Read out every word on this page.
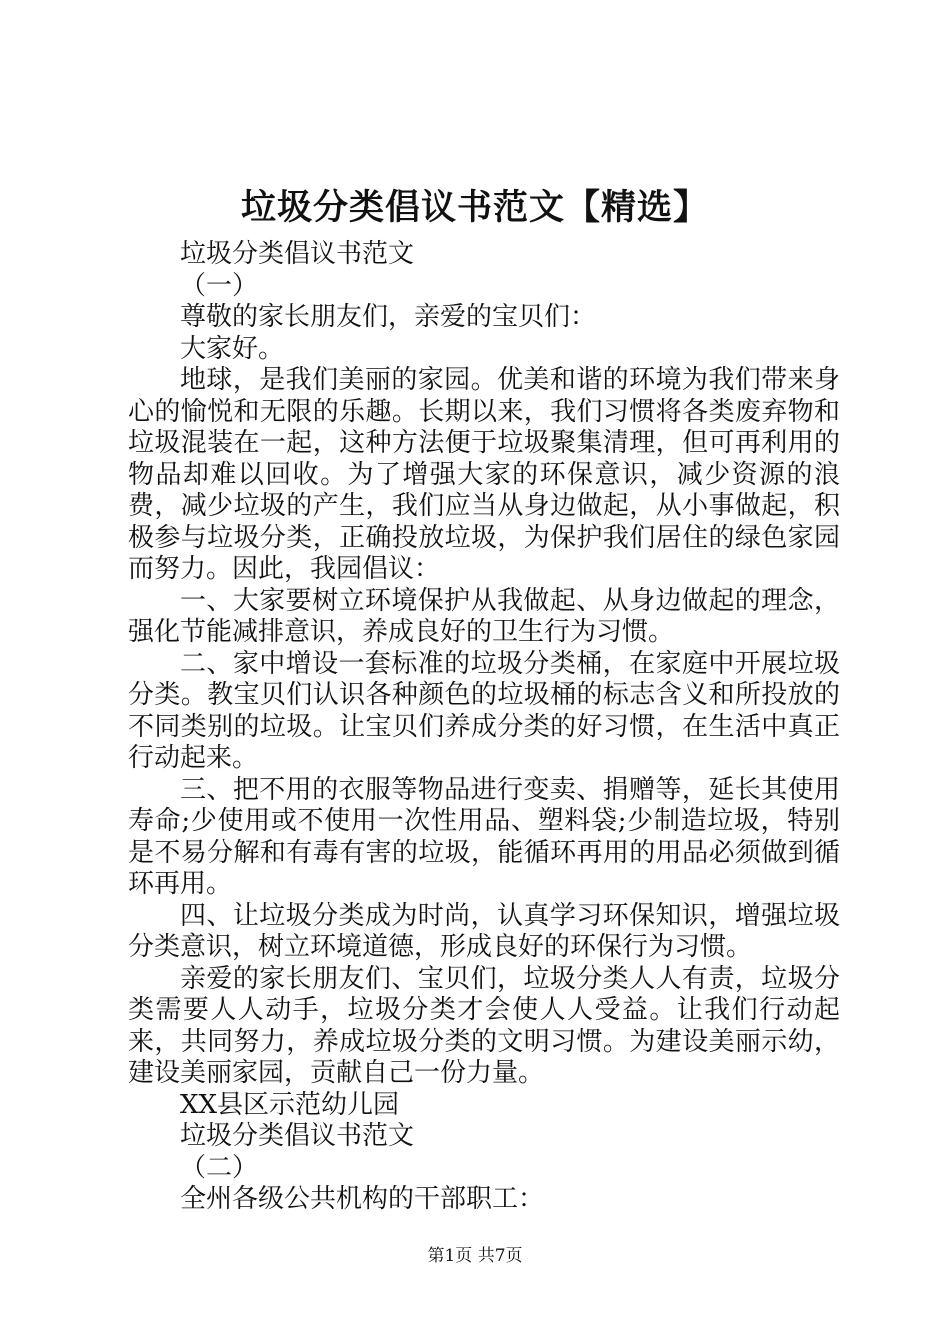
垃圾分类倡议书范文【精选】
垃圾分类倡议书范文
（一）
尊敬的家长朋友们，亲爱的宝贝们：
大家好。

地球，是我们美丽的家园。优美和谐的环境为我们带来身心的愉悦和无限的乐趣。长期以来，我们习惯将各类废弃物和垃圾混装在一起，这种方法便于垃圾聚集清理，但可再利用的物品却难以回收。为了增强大家的环保意识，减少资源的浪费，减少垃圾的产生，我们应当从身边做起，从小事做起，积极参与垃圾分类，正确投放垃圾，为保护我们居住的绿色家园而努力。因此，我园倡议：

一、大家要树立环境保护从我做起、从身边做起的理念，强化节能减排意识，养成良好的卫生行为习惯。

二、家中增设一套标准的垃圾分类桶，在家庭中开展垃圾分类。教宝贝们认识各种颜色的垃圾桶的标志含义和所投放的不同类别的垃圾。让宝贝们养成分类的好习惯，在生活中真正行动起来。

三、把不用的衣服等物品进行变卖、捐赠等，延长其使用寿命;少使用或不使用一次性用品、塑料袋;少制造垃圾，特别是不易分解和有毒有害的垃圾，能循环再用的用品必须做到循环再用。

四、让垃圾分类成为时尚，认真学习环保知识，增强垃圾分类意识，树立环境道德，形成良好的环保行为习惯。

亲爱的家长朋友们、宝贝们，垃圾分类人人有责，垃圾分类需要人人动手，垃圾分类才会使人人受益。让我们行动起来，共同努力，养成垃圾分类的文明习惯。为建设美丽示幼，建设美丽家园，贡献自己一份力量。

XX县区示范幼儿园
垃圾分类倡议书范文
（二）
全州各级公共机构的干部职工：
第1页 共7页
